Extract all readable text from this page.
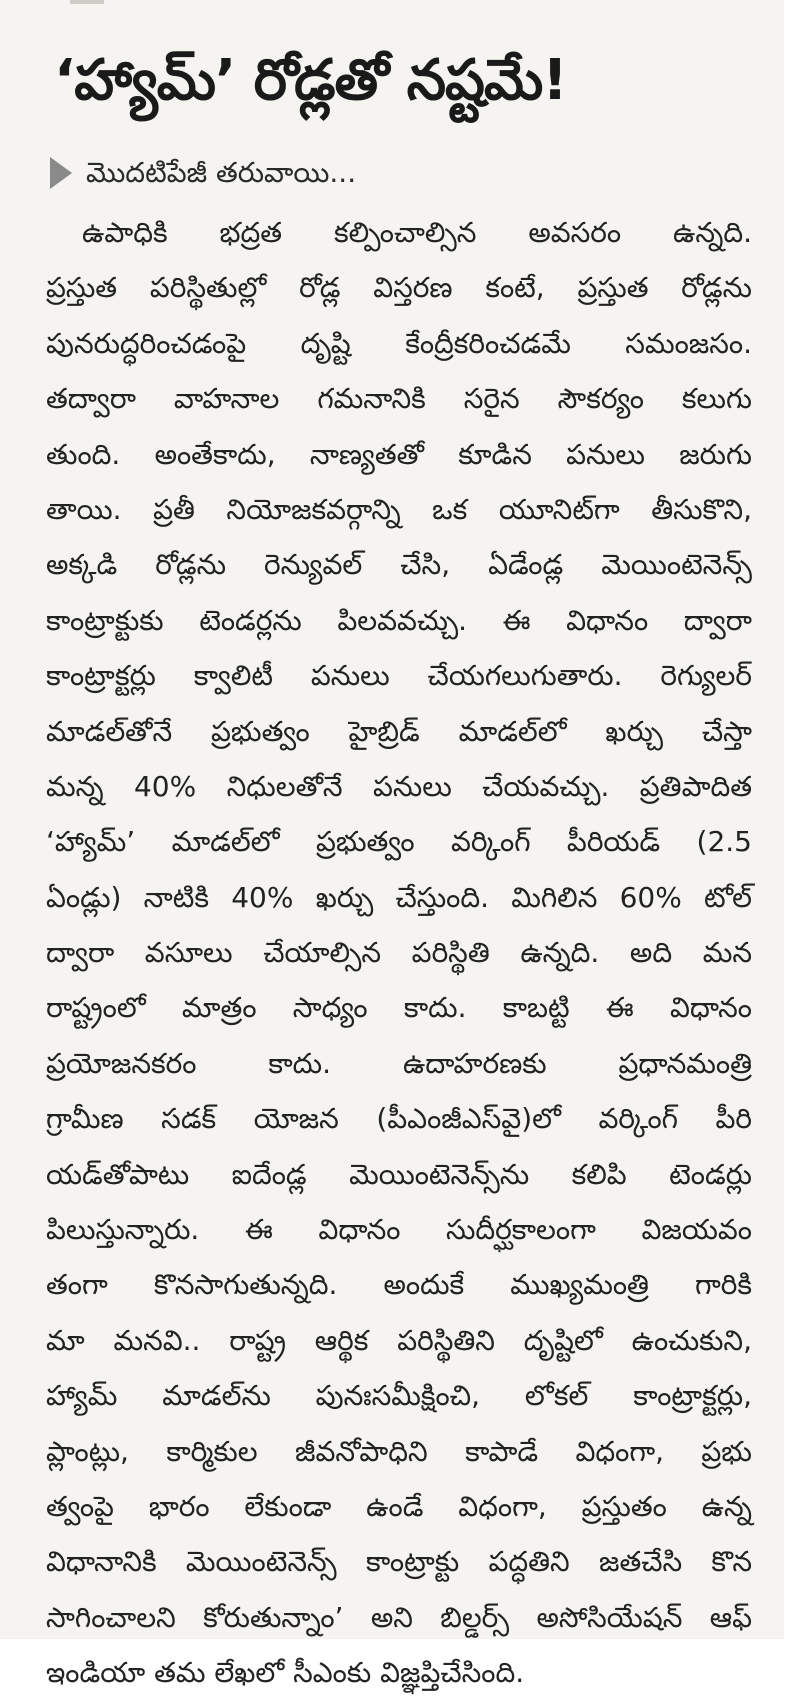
‘హ్యామ్’ రోడ్లతో నష్టమే!
మొదటిపేజీ తరువాయి...
ఉపాధికి భద్రత కల్పించాల్సిన అవసరం ఉన్నది.
ప్రస్తుత పరిస్థితుల్లో రోడ్ల విస్తరణ కంటే, ప్రస్తుత రోడ్లను
పునరుద్ధరించడంపై దృష్టి కేంద్రీకరించడమే సమంజసం.
తద్వారా వాహనాల గమనానికి సరైన సౌకర్యం కలుగు
తుంది. అంతేకాదు, నాణ్యతతో కూడిన పనులు జరుగు
తాయి. ప్రతీ నియోజకవర్గాన్ని ఒక యూనిట్‌గా తీసుకొని,
అక్కడి రోడ్లను రెన్యువల్ చేసి, ఏడేండ్ల మెయింటెనెన్స్
కాంట్రాక్టుకు టెండర్లను పిలవవచ్చు. ఈ విధానం ద్వారా
కాంట్రాక్టర్లు క్వాలిటీ పనులు చేయగలుగుతారు. రెగ్యులర్
మాడల్‌తోనే ప్రభుత్వం హైబ్రిడ్ మాడల్‌లో ఖర్చు చేస్తా
మన్న 40% నిధులతోనే పనులు చేయవచ్చు. ప్రతిపాదిత
‘హ్యామ్’ మాడల్‌లో ప్రభుత్వం వర్కింగ్ పీరియడ్ (2.5
ఏండ్లు) నాటికి 40% ఖర్చు చేస్తుంది. మిగిలిన 60% టోల్
ద్వారా వసూలు చేయాల్సిన పరిస్థితి ఉన్నది. అది మన
రాష్ట్రంలో మాత్రం సాధ్యం కాదు. కాబట్టి ఈ విధానం
ప్రయోజనకరం కాదు. ఉదాహరణకు ప్రధానమంత్రి
గ్రామీణ సడక్ యోజన (పీఎంజీఎస్‌వై)లో వర్కింగ్ పీరి
యడ్‌తోపాటు ఐదేండ్ల మెయింటెనెన్స్‌ను కలిపి టెండర్లు
పిలుస్తున్నారు. ఈ విధానం సుదీర్ఘకాలంగా విజయవం
తంగా కొనసాగుతున్నది. అందుకే ముఖ్యమంత్రి గారికి
మా మనవి.. రాష్ట్ర ఆర్థిక పరిస్థితిని దృష్టిలో ఉంచుకుని,
హ్యామ్ మాడల్‌ను పునఃసమీక్షించి, లోకల్ కాంట్రాక్టర్లు,
ప్లాంట్లు, కార్మికుల జీవనోపాధిని కాపాడే విధంగా, ప్రభు
త్వంపై భారం లేకుండా ఉండే విధంగా, ప్రస్తుతం ఉన్న
విధానానికి మెయింటెనెన్స్ కాంట్రాక్టు పద్ధతిని జతచేసి కొన
సాగించాలని కోరుతున్నాం’ అని బిల్డర్స్ అసోసియేషన్ ఆఫ్
ఇండియా తమ లేఖలో సీఎంకు విజ్ఞప్తిచేసింది.
